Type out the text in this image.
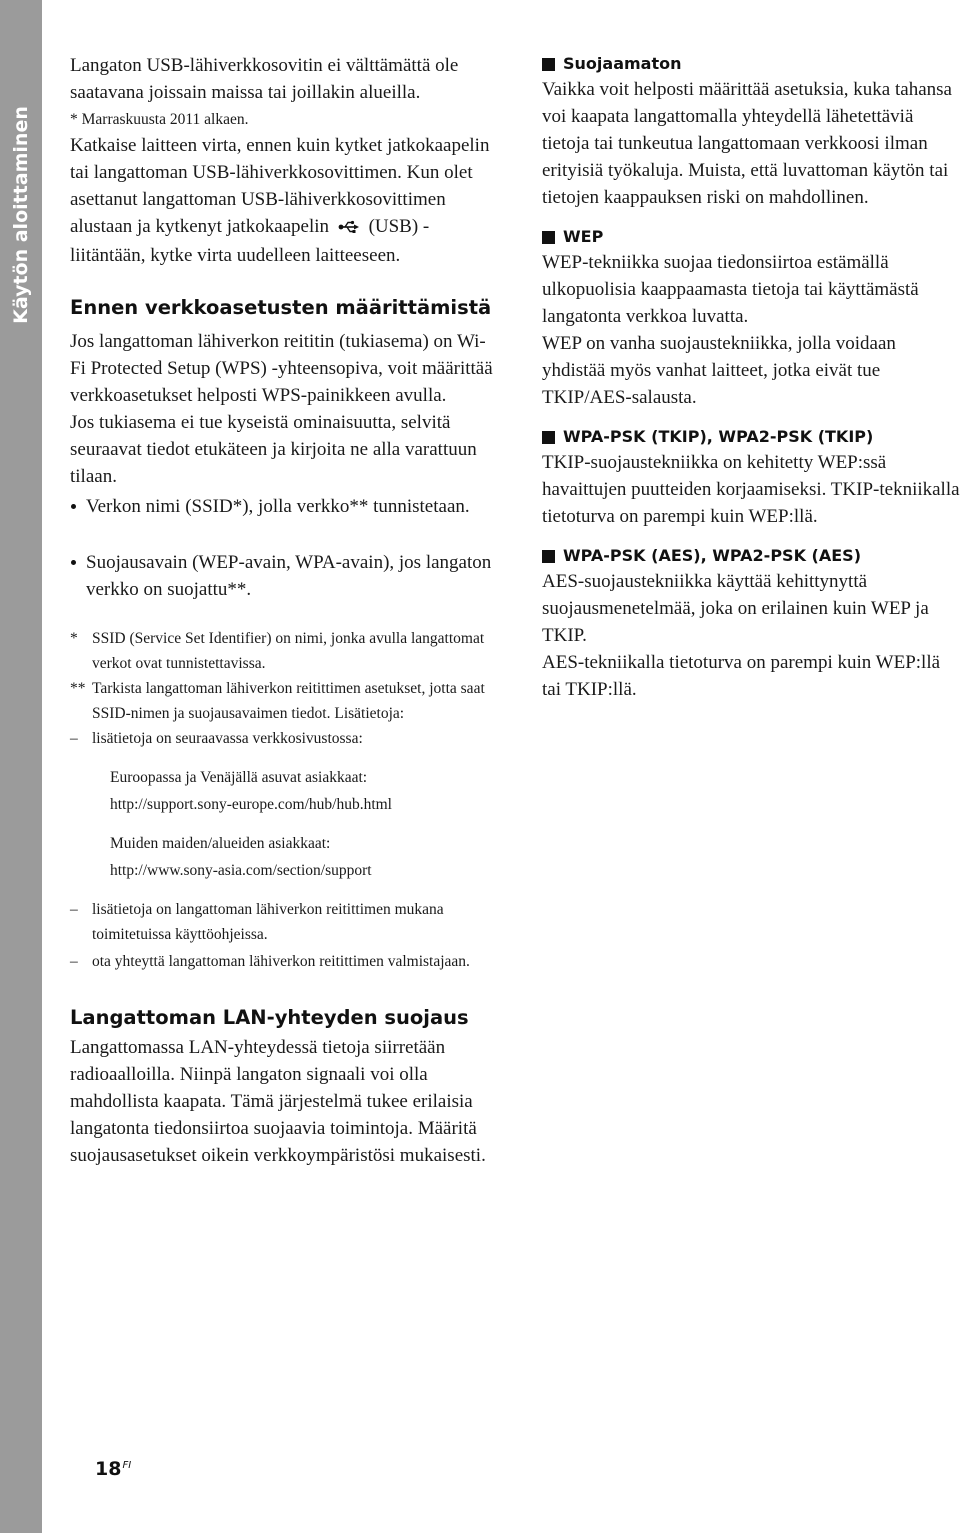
Käytön aloittaminen

Langaton USB-lähiverkkosovitin ei välttämättä ole saatavana joissain maissa tai joillakin alueilla.

* Marraskuusta 2011 alkaen.

Katkaise laitteen virta, ennen kuin kytket jatkokaapelin tai langattoman USB-lähiverkkosovittimen. Kun olet asettanut langattoman USB-lähiverkkosovittimen alustaan ja kytkenyt jatkokaapelin (USB) -liitäntään, kytke virta uudelleen laitteeseen.

Ennen verkkoasetusten määrittämistä

Jos langattoman lähiverkon reititin (tukiasema) on Wi-Fi Protected Setup (WPS) -yhteensopiva, voit määrittää verkkoasetukset helposti WPS-painikkeen avulla.

Jos tukiasema ei tue kyseistä ominaisuutta, selvitä seuraavat tiedot etukäteen ja kirjoita ne alla varattuun tilaan.

Verkon nimi (SSID*), jolla verkko** tunnistetaan.

Suojausavain (WEP-avain, WPA-avain), jos langaton verkko on suojattu**.

* SSID (Service Set Identifier) on nimi, jonka avulla langattomat verkot ovat tunnistettavissa.
** Tarkista langattoman lähiverkon reitittimen asetukset, jotta saat SSID-nimen ja suojausavaimen tiedot. Lisätietoja:
– lisätietoja on seuraavassa verkkosivustossa:

Euroopassa ja Venäjällä asuvat asiakkaat:

http://support.sony-europe.com/hub/hub.html

Muiden maiden/alueiden asiakkaat:

http://www.sony-asia.com/section/support

– lisätietoja on langattoman lähiverkon reitittimen mukana toimitetuissa käyttöohjeissa.
– ota yhteyttä langattoman lähiverkon reitittimen valmistajaan.

Langattoman LAN-yhteyden suojaus

Langattomassa LAN-yhteydessä tietoja siirretään radioaalloilla. Niinpä langaton signaali voi olla mahdollista kaapata. Tämä järjestelmä tukee erilaisia langatonta tiedonsiirtoa suojaavia toimintoja. Määritä suojausasetukset oikein verkkoympäristösi mukaisesti.

Suojaamaton

Vaikka voit helposti määrittää asetuksia, kuka tahansa voi kaapata langattomalla yhteydellä lähetettäviä tietoja tai tunkeutua langattomaan verkkoosi ilman erityisiä työkaluja. Muista, että luvattoman käytön tai tietojen kaappauksen riski on mahdollinen.

WEP

WEP-tekniikka suojaa tiedonsiirtoa estämällä ulkopuolisia kaappaamasta tietoja tai käyttämästä langatonta verkkoa luvatta.

WEP on vanha suojaustekniikka, jolla voidaan yhdistää myös vanhat laitteet, jotka eivät tue TKIP/AES-salausta.

WPA-PSK (TKIP), WPA2-PSK (TKIP)

TKIP-suojaustekniikka on kehitetty WEP:ssä havaittujen puutteiden korjaamiseksi. TKIP-tekniikalla tietoturva on parempi kuin WEP:llä.

WPA-PSK (AES), WPA2-PSK (AES)

AES-suojaustekniikka käyttää kehittynyttä suojausmenetelmää, joka on erilainen kuin WEP ja TKIP.

AES-tekniikalla tietoturva on parempi kuin WEP:llä tai TKIP:llä.

$18^{FI}$
